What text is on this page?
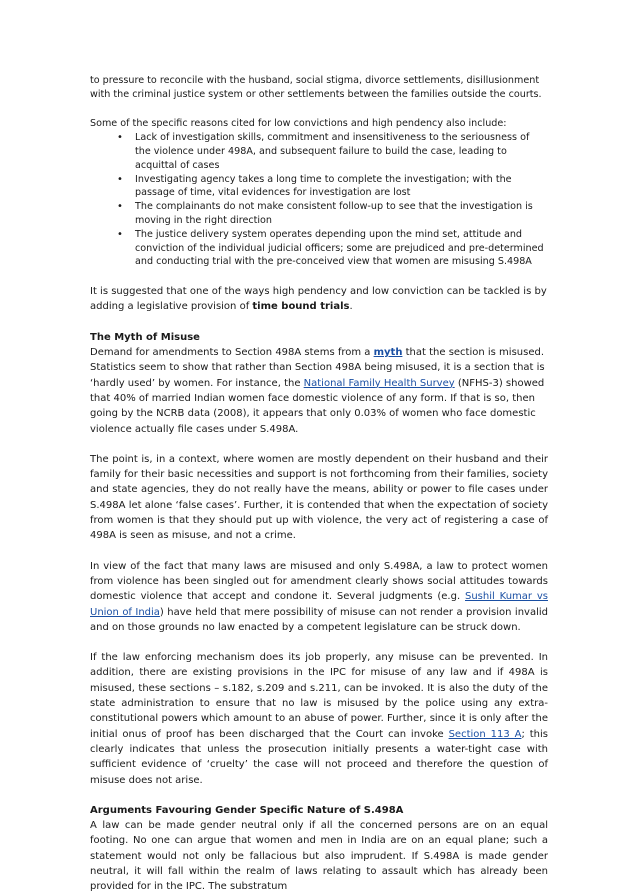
to pressure to reconcile with the husband, social stigma, divorce settlements, disillusionment with the criminal justice system or other settlements between the families outside the courts.

Some of the specific reasons cited for low convictions and high pendency also include:

• Lack of investigation skills, commitment and insensitiveness to the seriousness of the violence under 498A, and subsequent failure to build the case, leading to acquittal of cases
• Investigating agency takes a long time to complete the investigation; with the passage of time, vital evidences for investigation are lost
• The complainants do not make consistent follow-up to see that the investigation is moving in the right direction
• The justice delivery system operates depending upon the mind set, attitude and conviction of the individual judicial officers; some are prejudiced and pre-determined and conducting trial with the pre-conceived view that women are misusing S.498A

It is suggested that one of the ways high pendency and low conviction can be tackled is by adding a legislative provision of time bound trials.

The Myth of Misuse

Demand for amendments to Section 498A stems from a myth that the section is misused. Statistics seem to show that rather than Section 498A being misused, it is a section that is ‘hardly used’ by women. For instance, the National Family Health Survey (NFHS-3) showed that 40% of married Indian women face domestic violence of any form. If that is so, then going by the NCRB data (2008), it appears that only 0.03% of women who face domestic violence actually file cases under S.498A.

The point is, in a context, where women are mostly dependent on their husband and their family for their basic necessities and support is not forthcoming from their families, society and state agencies, they do not really have the means, ability or power to file cases under S.498A let alone ‘false cases’. Further, it is contended that when the expectation of society from women is that they should put up with violence, the very act of registering a case of 498A is seen as misuse, and not a crime.

In view of the fact that many laws are misused and only S.498A, a law to protect women from violence has been singled out for amendment clearly shows social attitudes towards domestic violence that accept and condone it. Several judgments (e.g. Sushil Kumar vs Union of India) have held that mere possibility of misuse can not render a provision invalid and on those grounds no law enacted by a competent legislature can be struck down.

If the law enforcing mechanism does its job properly, any misuse can be prevented. In addition, there are existing provisions in the IPC for misuse of any law and if 498A is misused, these sections – s.182, s.209 and s.211, can be invoked. It is also the duty of the state administration to ensure that no law is misused by the police using any extra-constitutional powers which amount to an abuse of power. Further, since it is only after the initial onus of proof has been discharged that the Court can invoke Section 113 A; this clearly indicates that unless the prosecution initially presents a water-tight case with sufficient evidence of ‘cruelty’ the case will not proceed and therefore the question of misuse does not arise.

Arguments Favouring Gender Specific Nature of S.498A

A law can be made gender neutral only if all the concerned persons are on an equal footing. No one can argue that women and men in India are on an equal plane; such a statement would not only be fallacious but also imprudent. If S.498A is made gender neutral, it will fall within the realm of laws relating to assault which has already been provided for in the IPC. The substratum
